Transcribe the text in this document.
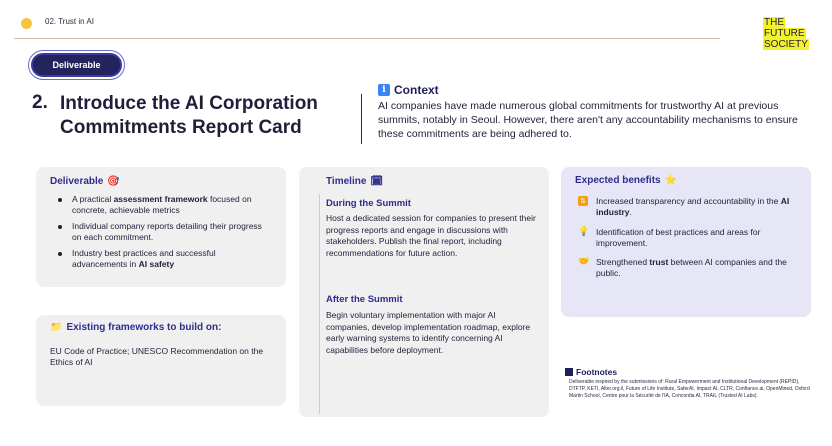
02. Trust in AI	THE
FUTURE
SOCIETY
Deliverable
2. Introduce the AI Corporation Commitments Report Card
i Context
AI companies have made numerous global commitments for trustworthy AI at previous summits, notably in Seoul. However, there aren't any accountability mechanisms to ensure these commitments are being adhered to.
Deliverable 🎯
A practical assessment framework focused on concrete, achievable metrics
Individual company reports detailing their progress on each commitment.
Industry best practices and successful advancements in AI safety
📁 Existing frameworks to build on:
EU Code of Practice; UNESCO Recommendation on the Ethics of AI
Timeline 🗓
During the Summit
Host a dedicated session for companies to present their progress reports and engage in discussions with stakeholders. Publish the final report, including recommendations for future action.
After the Summit
Begin voluntary implementation with major AI companies, develop implementation roadmap, explore early warning systems to identify concerning AI capabilities before deployment.
Expected benefits ⭐
⇅ Increased transparency and accountability in the AI industry.
💡 Identification of best practices and areas for improvement.
🤝 Strengthened trust between AI companies and the public.
Footnotes
Deliverable inspired by the submissions of: Rural Empowerment and Institutional Development (REPID), DTFTP, KETI, Alter.org.il, Future of Life Institute, SaferAI, Impact AI, CLTR, Confiance.ai, OpenMined, Oxford Martin School, Centre pour la Sécurité de l'IA, Concordia AI, TRAIL (Trusted AI Labs).
